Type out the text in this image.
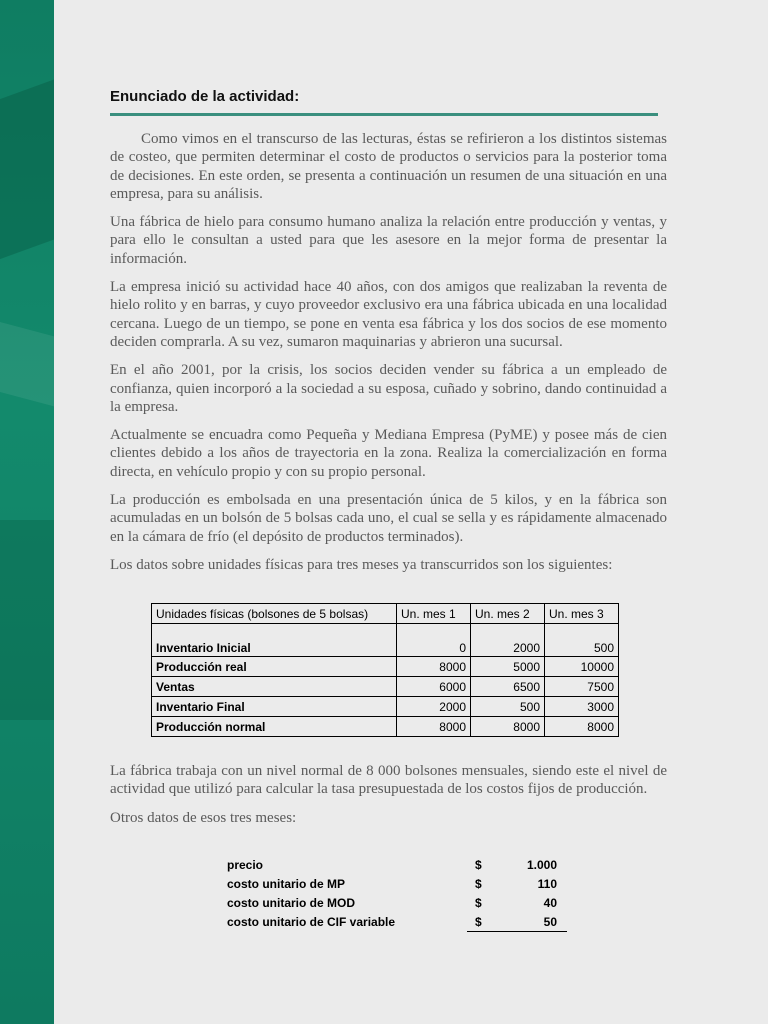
Enunciado de la actividad:

Como vimos en el transcurso de las lecturas, éstas se refirieron a los distintos sistemas de costeo, que permiten determinar el costo de productos o servicios para la posterior toma de decisiones. En este orden, se presenta a continuación un resumen de una situación en una empresa, para su análisis.

Una fábrica de hielo para consumo humano analiza la relación entre producción y ventas, y para ello le consultan a usted para que les asesore en la mejor forma de presentar la información.

La empresa inició su actividad hace 40 años, con dos amigos que realizaban la reventa de hielo rolito y en barras, y cuyo proveedor exclusivo era una fábrica ubicada en una localidad cercana. Luego de un tiempo, se pone en venta esa fábrica y los dos socios de ese momento deciden comprarla. A su vez, sumaron maquinarias y abrieron una sucursal.

En el año 2001, por la crisis, los socios deciden vender su fábrica a un empleado de confianza, quien incorporó a la sociedad a su esposa, cuñado y sobrino, dando continuidad a la empresa.

Actualmente se encuadra como Pequeña y Mediana Empresa (PyME) y posee más de cien clientes debido a los años de trayectoria en la zona. Realiza la comercialización en forma directa, en vehículo propio y con su propio personal.

La producción es embolsada en una presentación única de 5 kilos, y en la fábrica son acumuladas en un bolsón de 5 bolsas cada uno, el cual se sella y es rápidamente almacenado en la cámara de frío (el depósito de productos terminados).

Los datos sobre unidades físicas para tres meses ya transcurridos son los siguientes:

Unidades físicas (bolsones de 5 bolsas)	Un. mes 1	Un. mes 2	Un. mes 3
Inventario Inicial	0	2000	500
Producción real	8000	5000	10000
Ventas	6000	6500	7500
Inventario Final	2000	500	3000
Producción normal	8000	8000	8000

La fábrica trabaja con un nivel normal de 8 000 bolsones mensuales, siendo este el nivel de actividad que utilizó para calcular la tasa presupuestada de los costos fijos de producción.

Otros datos de esos tres meses:

precio	$	1.000
costo unitario de MP	$	110
costo unitario de MOD	$	40
costo unitario de CIF variable	$	50
